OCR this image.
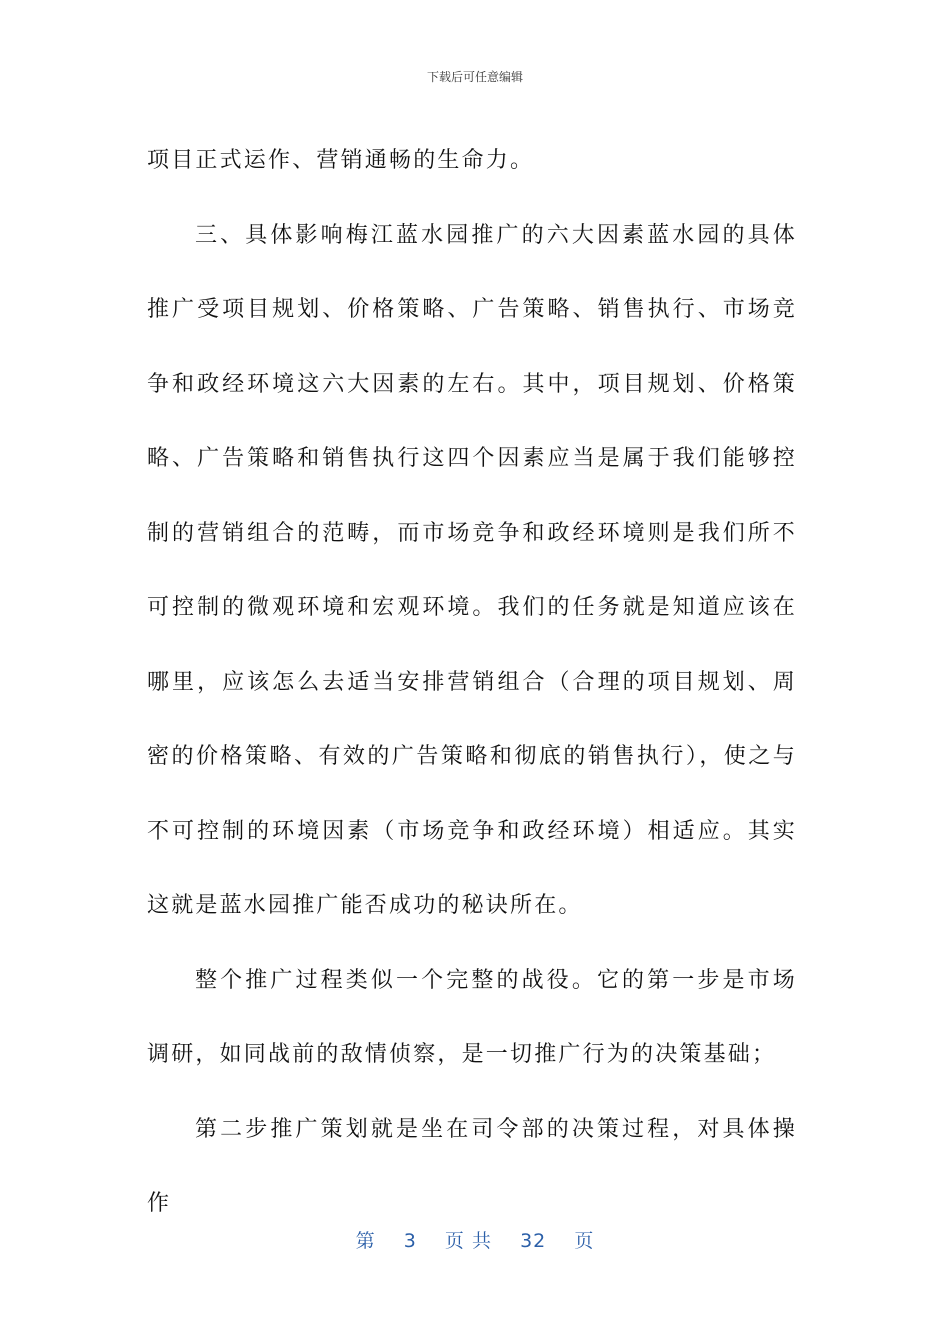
下载后可任意编辑

项目正式运作、营销通畅的生命力。

三、具体影响梅江蓝水园推广的六大因素蓝水园的具体推广受项目规划、价格策略、广告策略、销售执行、市场竞争和政经环境这六大因素的左右。其中，项目规划、价格策略、广告策略和销售执行这四个因素应当是属于我们能够控制的营销组合的范畴，而市场竞争和政经环境则是我们所不可控制的微观环境和宏观环境。我们的任务就是知道应该在哪里，应该怎么去适当安排营销组合（合理的项目规划、周密的价格策略、有效的广告策略和彻底的销售执行），使之与不可控制的环境因素（市场竞争和政经环境）相适应。其实这就是蓝水园推广能否成功的秘诀所在。

整个推广过程类似一个完整的战役。它的第一步是市场调研，如同战前的敌情侦察，是一切推广行为的决策基础；

第二步推广策划就是坐在司令部的决策过程，对具体操作

第 3 页 共 32 页
